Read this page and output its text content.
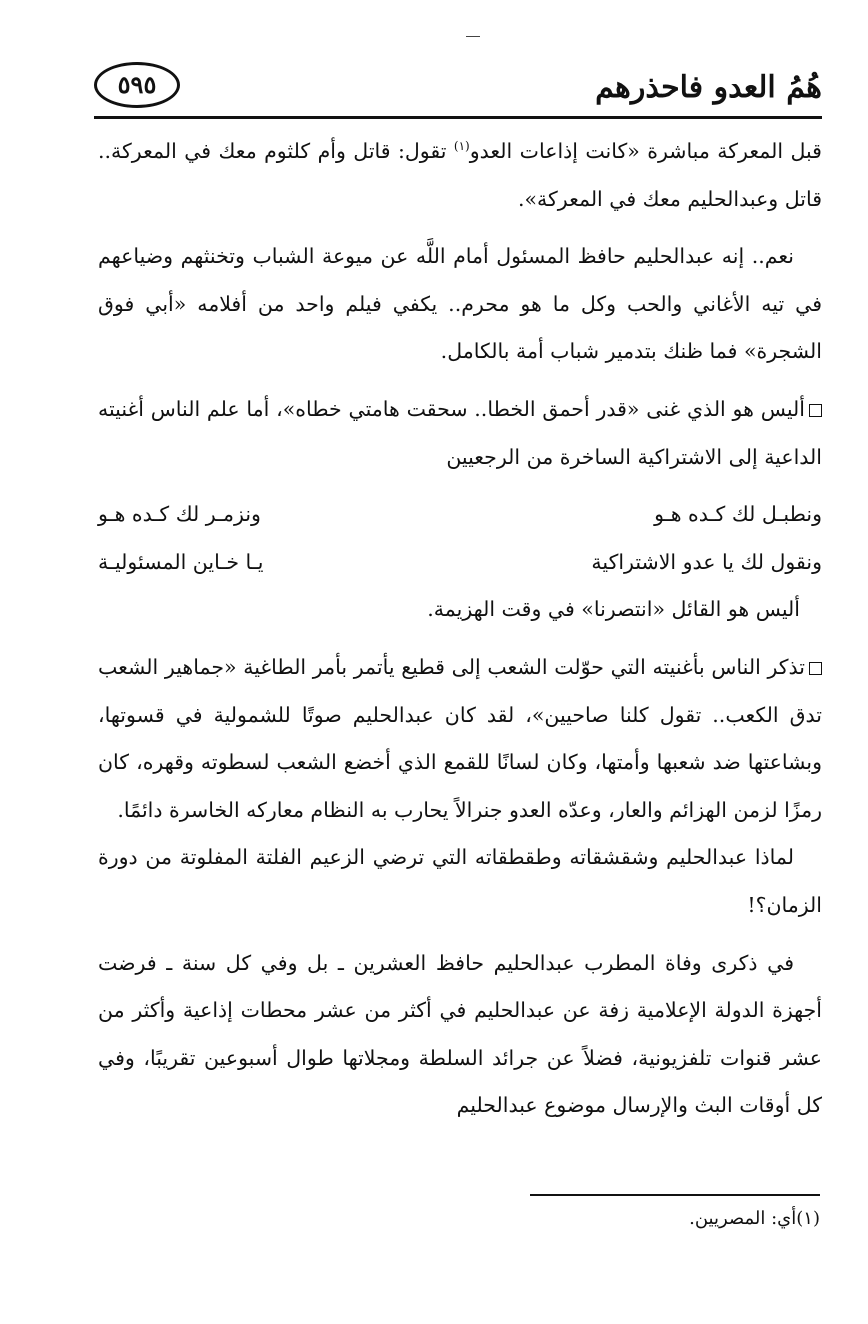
هُمُ العدو فاحذرهم
٥٩٥

قبل المعركة مباشرة «كانت إذاعات العدو$^{(١)}$ تقول: قاتل وأم كلثوم معك في المعركة.. قاتل وعبدالحليم معك في المعركة».

نعم.. إنه عبدالحليم حافظ المسئول أمام اللَّه عن ميوعة الشباب وتخنثهم وضياعهم في تيه الأغاني والحب وكل ما هو محرم.. يكفي فيلم واحد من أفلامه «أبي فوق الشجرة» فما ظنك بتدمير شباب أمة بالكامل.

أليس هو الذي غنى «قدر أحمق الخطا.. سحقت هامتي خطاه»، أما علم الناس أغنيته الداعية إلى الاشتراكية الساخرة من الرجعيين

ونطبـل لك كـده هـو
ونزمـر لك كـده هـو
ونقول لك يا عدو الاشتراكية
يـا خـاين المسئوليـة

أليس هو القائل «انتصرنا» في وقت الهزيمة.

تذكر الناس بأغنيته التي حوّلت الشعب إلى قطيع يأتمر بأمر الطاغية «جماهير الشعب تدق الكعب.. تقول كلنا صاحيين»، لقد كان عبدالحليم صوتًا للشمولية في قسوتها، وبشاعتها ضد شعبها وأمتها، وكان لسانًا للقمع الذي أخضع الشعب لسطوته وقهره، كان رمزًا لزمن الهزائم والعار، وعدّه العدو جنرالاً يحارب به النظام معاركه الخاسرة دائمًا.

لماذا عبدالحليم وشقشقاته وطقطقاته التي ترضي الزعيم الفلتة المفلوتة من دورة الزمان؟!

في ذكرى وفاة المطرب عبدالحليم حافظ العشرين ـ بل وفي كل سنة ـ فرضت أجهزة الدولة الإعلامية زفة عن عبدالحليم في أكثر من عشر محطات إذاعية وأكثر من عشر قنوات تلفزيونية، فضلاً عن جرائد السلطة ومجلاتها طوال أسبوعين تقريبًا، وفي كل أوقات البث والإرسال موضوع عبدالحليم

(١)أي: المصريين.
